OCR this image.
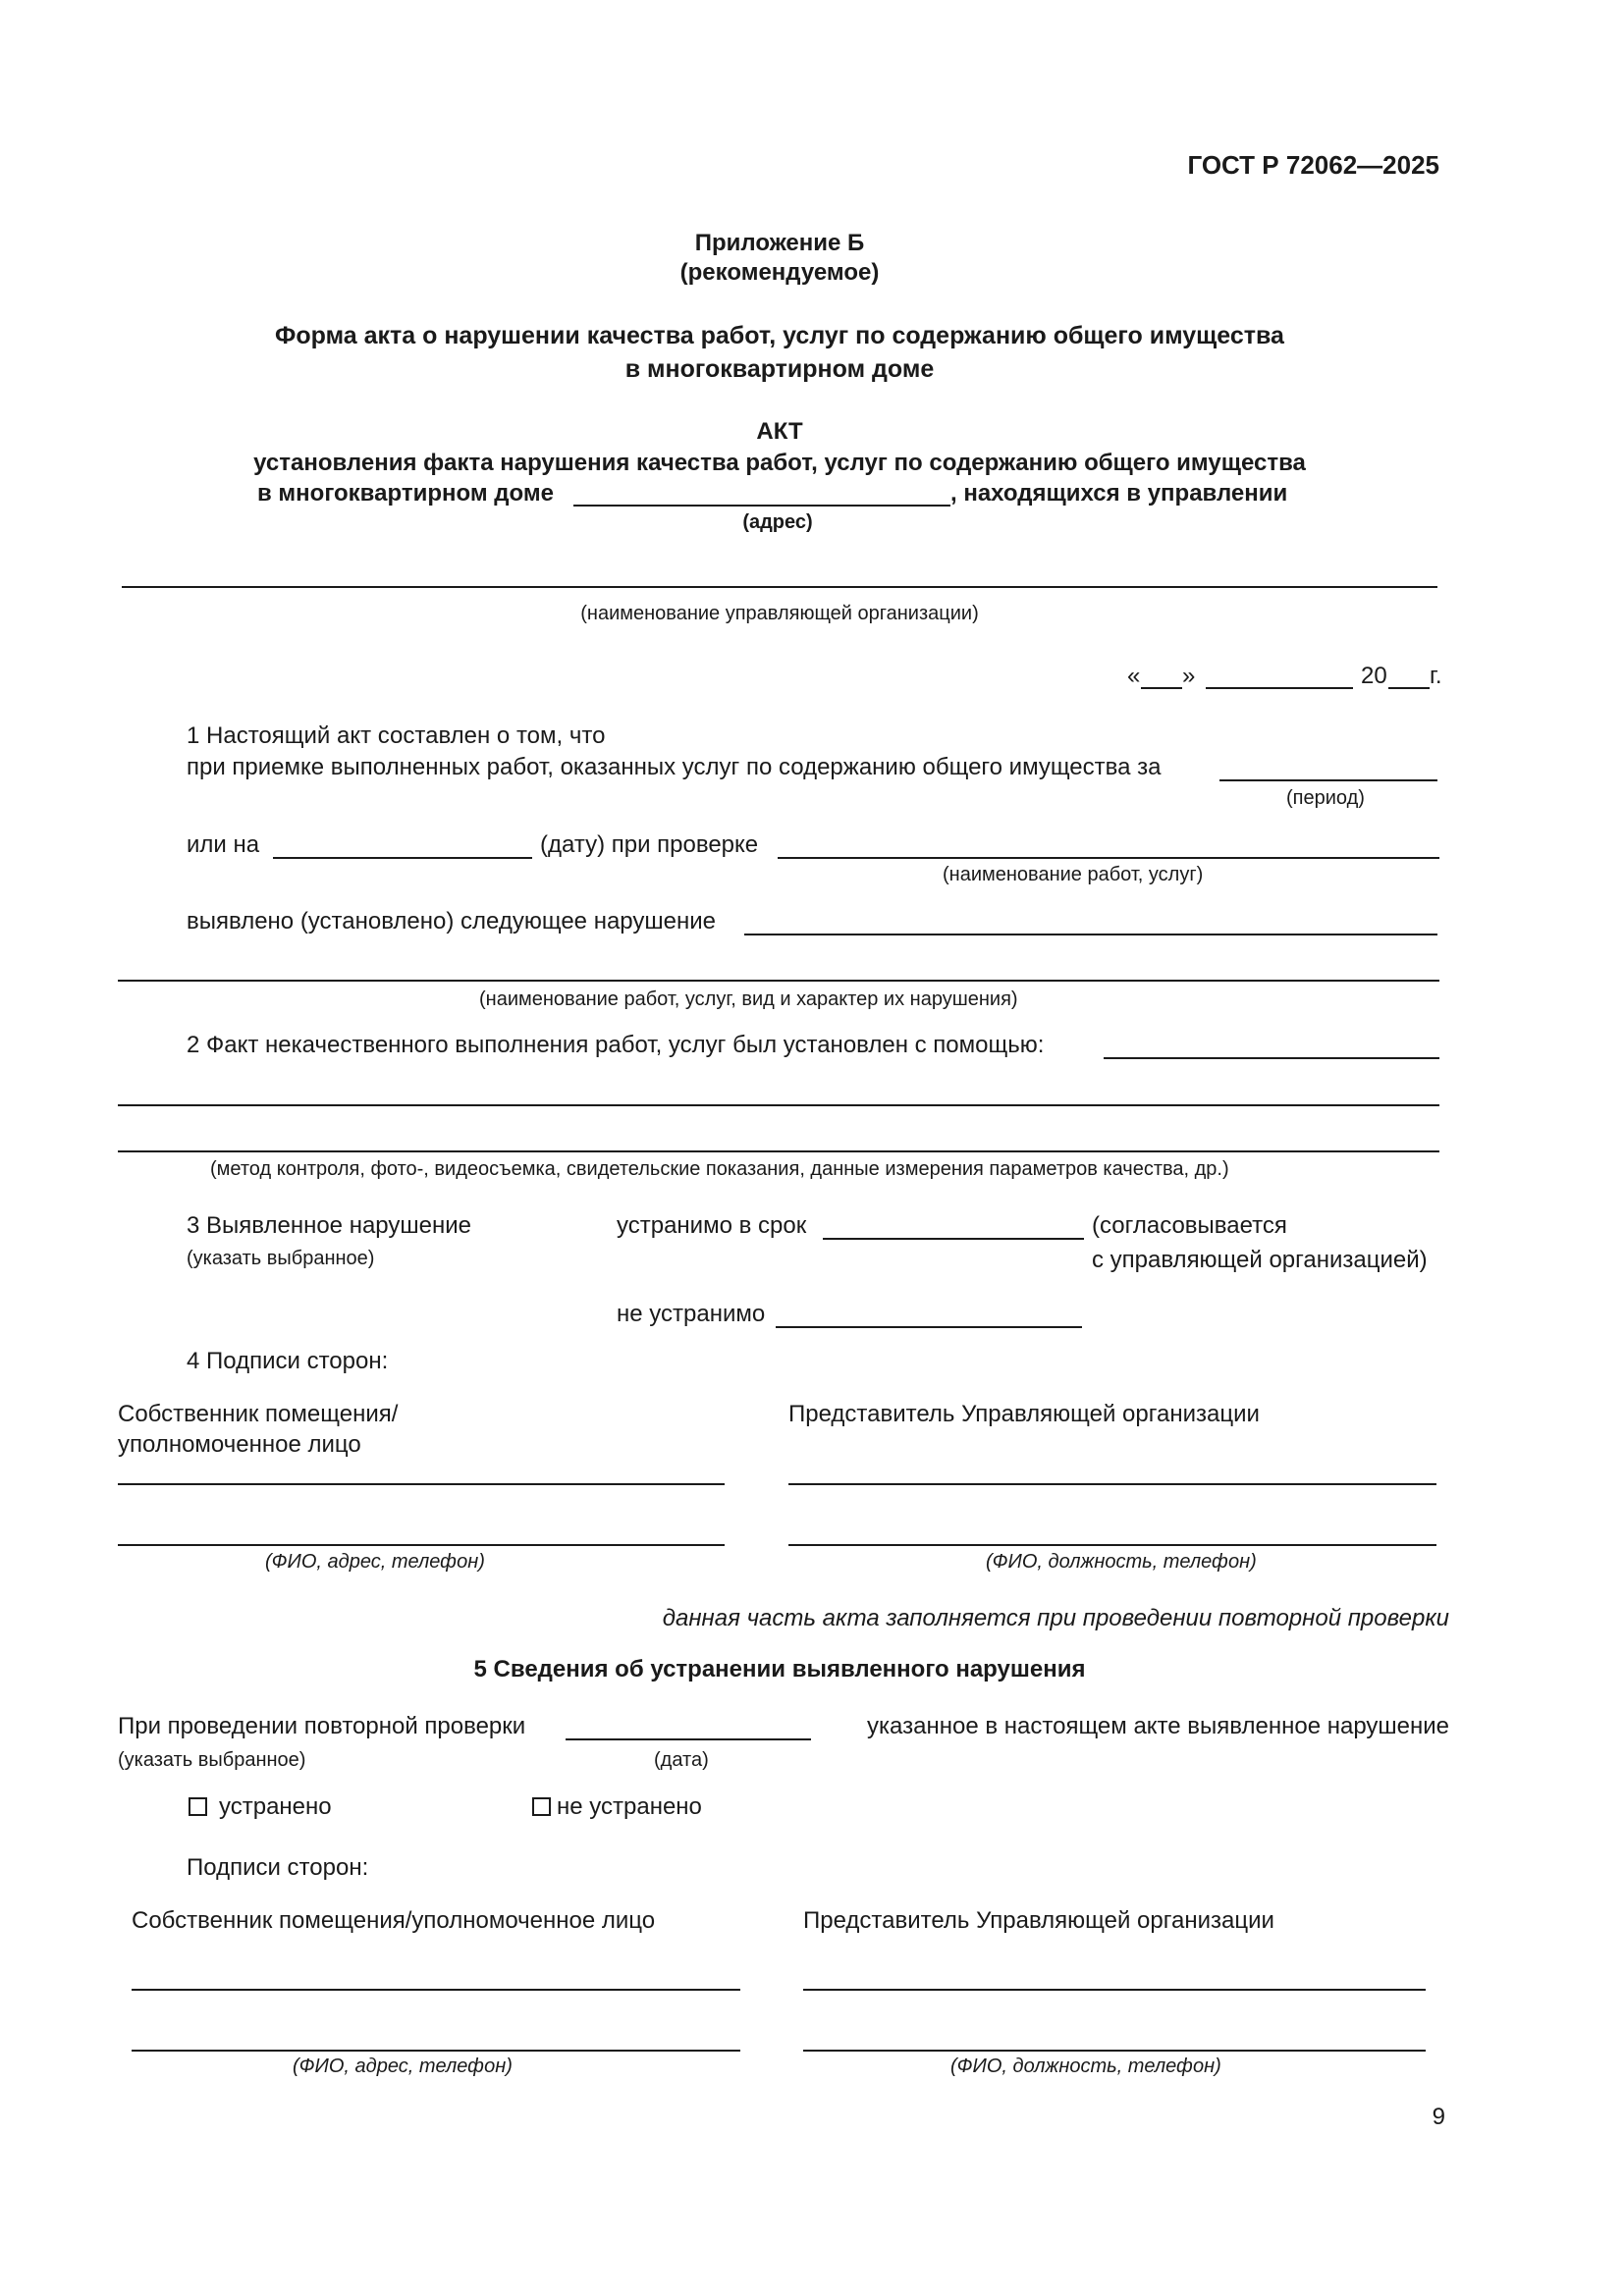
ГОСТ Р 72062—2025
Приложение Б
(рекомендуемое)
Форма акта о нарушении качества работ, услуг по содержанию общего имущества
в многоквартирном доме
АКТ
установления факта нарушения качества работ, услуг по содержанию общего имущества
в многоквартирном доме	, находящихся в управлении
(адрес)
(наименование управляющей организации)
« »	20 г.
1 Настоящий акт составлен о том, что
при приемке выполненных работ, оказанных услуг по содержанию общего имущества за
(период)
или на	(дату) при проверке
(наименование работ, услуг)
выявлено (установлено) следующее нарушение
(наименование работ, услуг, вид и характер их нарушения)
2 Факт некачественного выполнения работ, услуг был установлен с помощью:
(метод контроля, фото-, видеосъемка, свидетельские показания, данные измерения параметров качества, др.)
3 Выявленное нарушение
(указать выбранное)
устранимо в срок	(согласовывается
с управляющей организацией)
не устранимо
4 Подписи сторон:
Собственник помещения/
уполномоченное лицо
Представитель Управляющей организации
(ФИО, адрес, телефон)	(ФИО, должность, телефон)
данная часть акта заполняется при проведении повторной проверки
5 Сведения об устранении выявленного нарушения
При проведении повторной проверки	указанное в настоящем акте выявленное нарушение
(указать выбранное)	(дата)
устранено	не устранено
Подписи сторон:
Собственник помещения/уполномоченное лицо	Представитель Управляющей организации
(ФИО, адрес, телефон)	(ФИО, должность, телефон)
9
